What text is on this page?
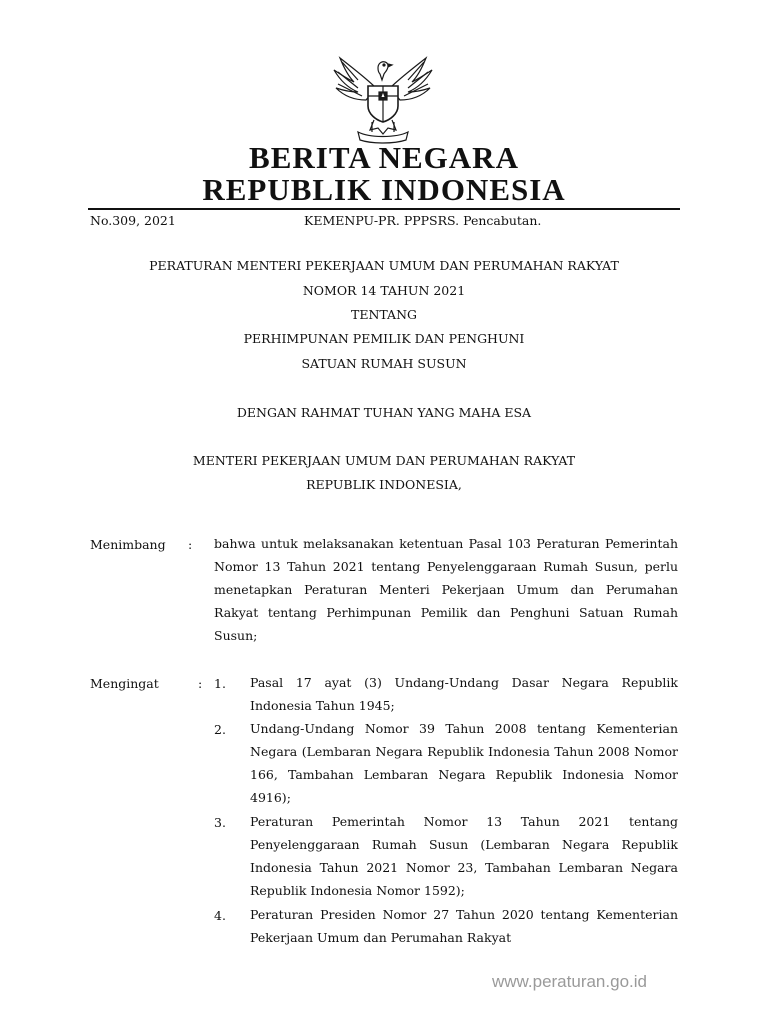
BERITA NEGARA
REPUBLIK INDONESIA
No.309, 2021	KEMENPU-PR. PPPSRS. Pencabutan.
PERATURAN MENTERI PEKERJAAN UMUM DAN PERUMAHAN RAKYAT
NOMOR 14 TAHUN 2021
TENTANG
PERHIMPUNAN PEMILIK DAN PENGHUNI
SATUAN RUMAH SUSUN
DENGAN RAHMAT TUHAN YANG MAHA ESA
MENTERI PEKERJAAN UMUM DAN PERUMAHAN RAKYAT
REPUBLIK INDONESIA,
Menimbang : bahwa untuk melaksanakan ketentuan Pasal 103 Peraturan Pemerintah Nomor 13 Tahun 2021 tentang Penyelenggaraan Rumah Susun, perlu menetapkan Peraturan Menteri Pekerjaan Umum dan Perumahan Rakyat tentang Perhimpunan Pemilik dan Penghuni Satuan Rumah Susun;
Mengingat	: 1. Pasal 17 ayat (3) Undang-Undang Dasar Negara Republik Indonesia Tahun 1945;
2. Undang-Undang Nomor 39 Tahun 2008 tentang Kementerian Negara (Lembaran Negara Republik Indonesia Tahun 2008 Nomor 166, Tambahan Lembaran Negara Republik Indonesia Nomor 4916);
3. Peraturan Pemerintah Nomor 13 Tahun 2021 tentang Penyelenggaraan Rumah Susun (Lembaran Negara Republik Indonesia Tahun 2021 Nomor 23, Tambahan Lembaran Negara Republik Indonesia Nomor 1592);
4. Peraturan Presiden Nomor 27 Tahun 2020 tentang Kementerian Pekerjaan Umum dan Perumahan Rakyat
www.peraturan.go.id
